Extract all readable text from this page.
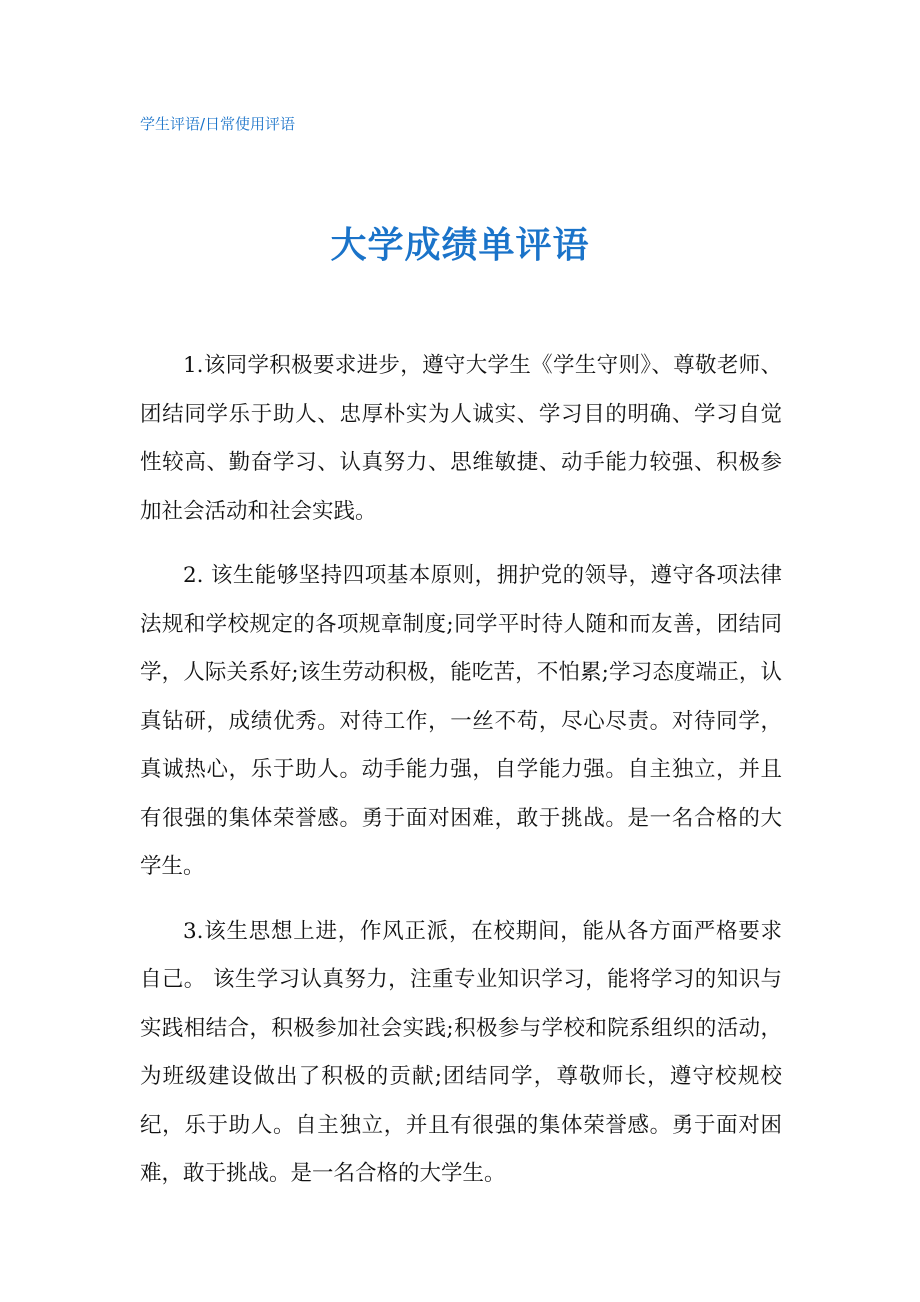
学生评语/日常使用评语
大学成绩单评语

1.该同学积极要求进步，遵守大学生《学生守则》、尊敬老师、团结同学乐于助人、忠厚朴实为人诚实、学习目的明确、学习自觉性较高、勤奋学习、认真努力、思维敏捷、动手能力较强、积极参加社会活动和社会实践。

2. 该生能够坚持四项基本原则，拥护党的领导，遵守各项法律法规和学校规定的各项规章制度;同学平时待人随和而友善，团结同学，人际关系好;该生劳动积极，能吃苦，不怕累;学习态度端正，认真钻研，成绩优秀。对待工作，一丝不苟，尽心尽责。对待同学，真诚热心，乐于助人。动手能力强，自学能力强。自主独立，并且有很强的集体荣誉感。勇于面对困难，敢于挑战。是一名合格的大学生。

3.该生思想上进，作风正派，在校期间，能从各方面严格要求自己。 该生学习认真努力，注重专业知识学习，能将学习的知识与实践相结合，积极参加社会实践;积极参与学校和院系组织的活动，为班级建设做出了积极的贡献;团结同学，尊敬师长，遵守校规校纪，乐于助人。自主独立，并且有很强的集体荣誉感。勇于面对困难，敢于挑战。是一名合格的大学生。
